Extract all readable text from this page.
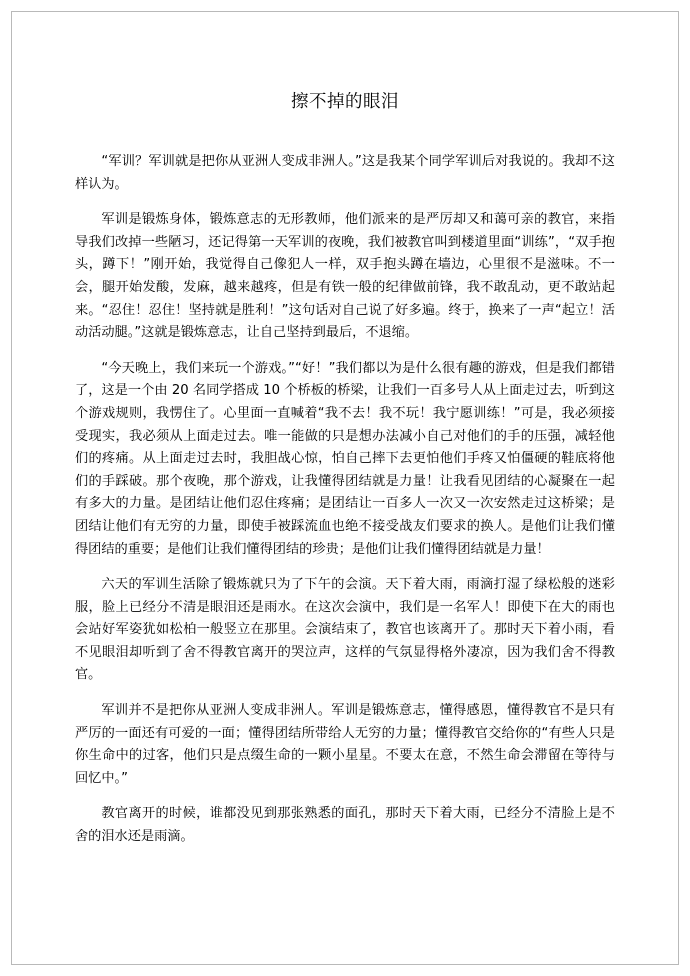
擦不掉的眼泪

“军训？军训就是把你从亚洲人变成非洲人。”这是我某个同学军训后对我说的。我却不这样认为。

军训是锻炼身体，锻炼意志的无形教师，他们派来的是严厉却又和蔼可亲的教官，来指导我们改掉一些陋习，还记得第一天军训的夜晚，我们被教官叫到楼道里面“训练”，“双手抱头，蹲下！”刚开始，我觉得自己像犯人一样，双手抱头蹲在墙边，心里很不是滋味。不一会，腿开始发酸，发麻，越来越疼，但是有铁一般的纪律做前锋，我不敢乱动，更不敢站起来。“忍住！忍住！坚持就是胜利！”这句话对自己说了好多遍。终于，换来了一声“起立！活动活动腿。”这就是锻炼意志，让自己坚持到最后，不退缩。

“今天晚上，我们来玩一个游戏。”“好！”我们都以为是什么很有趣的游戏，但是我们都错了，这是一个由 20 名同学搭成 10 个桥板的桥梁，让我们一百多号人从上面走过去，听到这个游戏规则，我愣住了。心里面一直喊着“我不去！我不玩！我宁愿训练！”可是，我必须接受现实，我必须从上面走过去。唯一能做的只是想办法减小自己对他们的手的压强，减轻他们的疼痛。从上面走过去时，我胆战心惊，怕自己摔下去更怕他们手疼又怕僵硬的鞋底将他们的手踩破。那个夜晚，那个游戏，让我懂得团结就是力量！让我看见团结的心凝聚在一起有多大的力量。是团结让他们忍住疼痛；是团结让一百多人一次又一次安然走过这桥梁；是团结让他们有无穷的力量，即使手被踩流血也绝不接受战友们要求的换人。是他们让我们懂得团结的重要；是他们让我们懂得团结的珍贵；是他们让我们懂得团结就是力量！

六天的军训生活除了锻炼就只为了下午的会演。天下着大雨，雨滴打湿了绿松般的迷彩服，脸上已经分不清是眼泪还是雨水。在这次会演中，我们是一名军人！即使下在大的雨也会站好军姿犹如松柏一般竖立在那里。会演结束了，教官也该离开了。那时天下着小雨，看不见眼泪却听到了舍不得教官离开的哭泣声，这样的气氛显得格外凄凉，因为我们舍不得教官。

军训并不是把你从亚洲人变成非洲人。军训是锻炼意志，懂得感恩，懂得教官不是只有严厉的一面还有可爱的一面；懂得团结所带给人无穷的力量；懂得教官交给你的“有些人只是你生命中的过客，他们只是点缀生命的一颗小星星。不要太在意，不然生命会滞留在等待与回忆中。”

教官离开的时候，谁都没见到那张熟悉的面孔，那时天下着大雨，已经分不清脸上是不舍的泪水还是雨滴。
